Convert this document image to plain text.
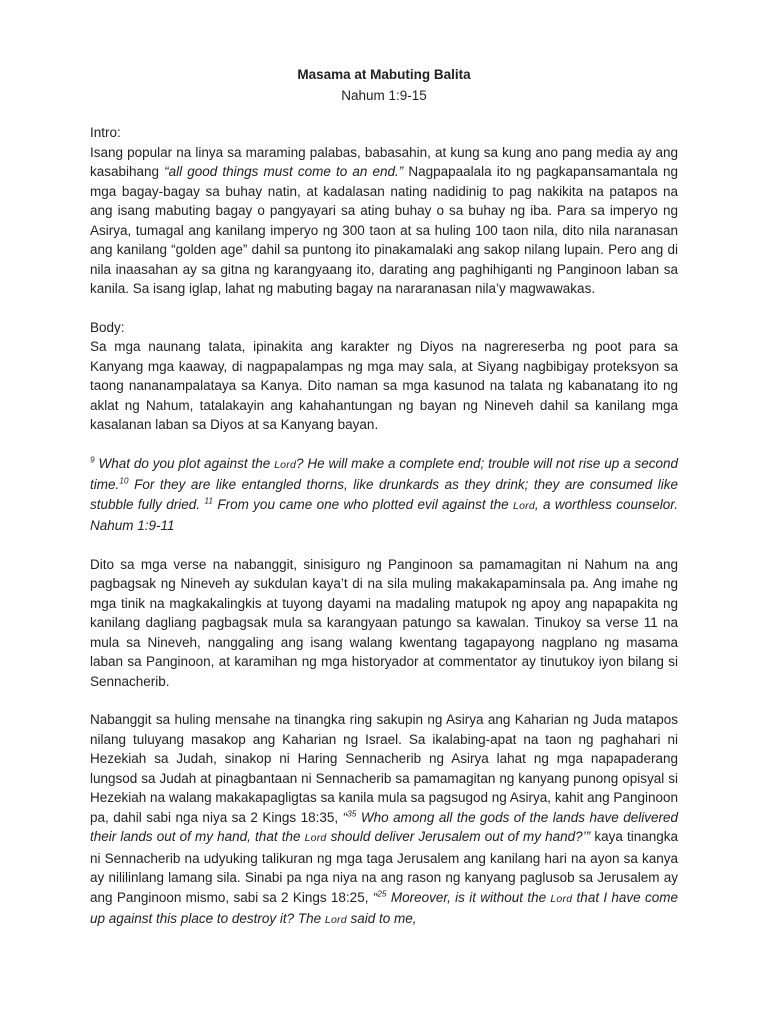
Masama at Mabuting Balita
Nahum 1:9-15

Intro:

Isang popular na linya sa maraming palabas, babasahin, at kung sa kung ano pang media ay ang kasabihang “all good things must come to an end.” Nagpapaalala ito ng pagkapansamantala ng mga bagay-bagay sa buhay natin, at kadalasan nating nadidinig to pag nakikita na patapos na ang isang mabuting bagay o pangyayari sa ating buhay o sa buhay ng iba. Para sa imperyo ng Asirya, tumagal ang kanilang imperyo ng 300 taon at sa huling 100 taon nila, dito nila naranasan ang kanilang “golden age” dahil sa puntong ito pinakamalaki ang sakop nilang lupain. Pero ang di nila inaasahan ay sa gitna ng karangyaang ito, darating ang paghihiganti ng Panginoon laban sa kanila. Sa isang iglap, lahat ng mabuting bagay na nararanasan nila’y magwawakas.

Body:

Sa mga naunang talata, ipinakita ang karakter ng Diyos na nagrereserba ng poot para sa Kanyang mga kaaway, di nagpapalampas ng mga may sala, at Siyang nagbibigay proteksyon sa taong nananampalataya sa Kanya. Dito naman sa mga kasunod na talata ng kabanatang ito ng aklat ng Nahum, tatalakayin ang kahahantungan ng bayan ng Nineveh dahil sa kanilang mga kasalanan laban sa Diyos at sa Kanyang bayan.

$^9$ What do you plot against the Lord? He will make a complete end; trouble will not rise up a second time.$^{10}$ For they are like entangled thorns, like drunkards as they drink; they are consumed like stubble fully dried. $^{11}$ From you came one who plotted evil against the Lord, a worthless counselor. Nahum 1:9-11

Dito sa mga verse na nabanggit, sinisiguro ng Panginoon sa pamamagitan ni Nahum na ang pagbagsak ng Nineveh ay sukdulan kaya’t di na sila muling makakapaminsala pa. Ang imahe ng mga tinik na magkakalingkis at tuyong dayami na madaling matupok ng apoy ang napapakita ng kanilang dagliang pagbagsak mula sa karangyaan patungo sa kawalan. Tinukoy sa verse 11 na mula sa Nineveh, nanggaling ang isang walang kwentang tagapayong nagplano ng masama laban sa Panginoon, at karamihan ng mga historyador at commentator ay tinutukoy iyon bilang si Sennacherib.

Nabanggit sa huling mensahe na tinangka ring sakupin ng Asirya ang Kaharian ng Juda matapos nilang tuluyang masakop ang Kaharian ng Israel. Sa ikalabing-apat na taon ng paghahari ni Hezekiah sa Judah, sinakop ni Haring Sennacherib ng Asirya lahat ng mga napapaderang lungsod sa Judah at pinagbantaan ni Sennacherib sa pamamagitan ng kanyang punong opisyal si Hezekiah na walang makakapagligtas sa kanila mula sa pagsugod ng Asirya, kahit ang Panginoon pa, dahil sabi nga niya sa 2 Kings 18:35, “$^{35}$ Who among all the gods of the lands have delivered their lands out of my hand, that the Lord should deliver Jerusalem out of my hand?’” kaya tinangka ni Sennacherib na udyuking talikuran ng mga taga Jerusalem ang kanilang hari na ayon sa kanya ay nililinlang lamang sila. Sinabi pa nga niya na ang rason ng kanyang paglusob sa Jerusalem ay ang Panginoon mismo, sabi sa 2 Kings 18:25, “$^{25}$ Moreover, is it without the Lord that I have come up against this place to destroy it? The Lord said to me,
